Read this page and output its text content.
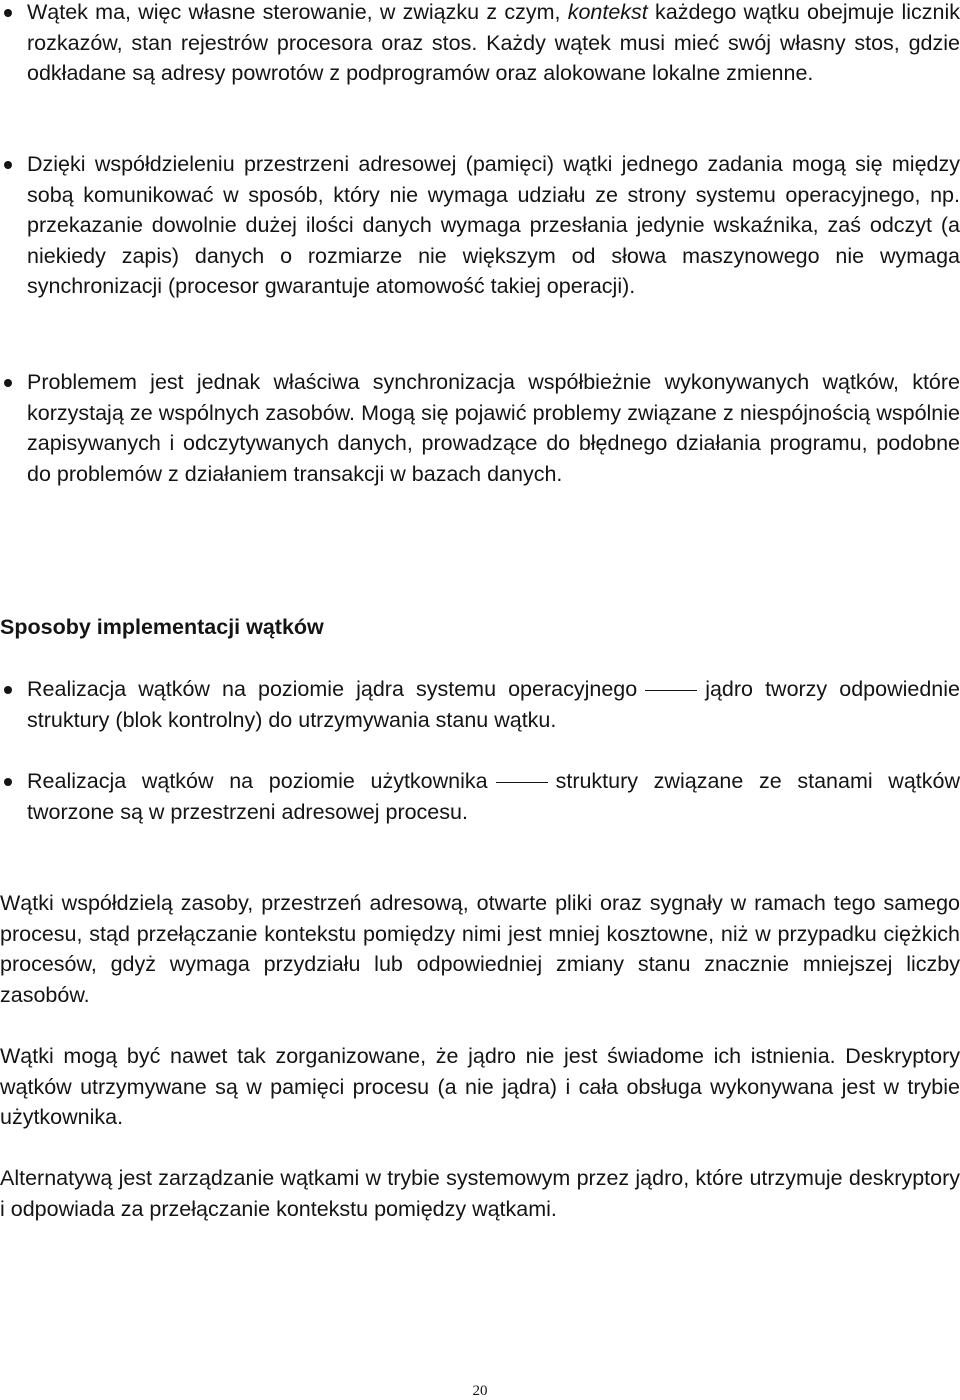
Wątek ma, więc własne sterowanie, w związku z czym, kontekst każdego wątku obejmuje licznik rozkazów, stan rejestrów procesora oraz stos. Każdy wątek musi mieć swój własny stos, gdzie odkładane są adresy powrotów z podprogramów oraz alokowane lokalne zmienne.
Dzięki współdzieleniu przestrzeni adresowej (pamięci) wątki jednego zadania mogą się między sobą komunikować w sposób, który nie wymaga udziału ze strony systemu operacyjnego, np. przekazanie dowolnie dużej ilości danych wymaga przesłania jedynie wskaźnika, zaś odczyt (a niekiedy zapis) danych o rozmiarze nie większym od słowa maszynowego nie wymaga synchronizacji (procesor gwarantuje atomowość takiej operacji).
Problemem jest jednak właściwa synchronizacja współbieżnie wykonywanych wątków, które korzystają ze wspólnych zasobów. Mogą się pojawić problemy związane z niespójnością wspólnie zapisywanych i odczytywanych danych, prowadzące do błędnego działania programu, podobne do problemów z działaniem transakcji w bazach danych.
Sposoby implementacji wątków
Realizacja wątków na poziomie jądra systemu operacyjnego	jądro tworzy odpowiednie struktury (blok kontrolny) do utrzymywania stanu wątku.
Realizacja wątków na poziomie użytkownika	struktury związane ze stanami wątków tworzone są w przestrzeni adresowej procesu.
Wątki współdzielą zasoby, przestrzeń adresową, otwarte pliki oraz sygnały w ramach tego samego procesu, stąd przełączanie kontekstu pomiędzy nimi jest mniej kosztowne, niż w przypadku ciężkich procesów, gdyż wymaga przydziału lub odpowiedniej zmiany stanu znacznie mniejszej liczby zasobów.
Wątki mogą być nawet tak zorganizowane, że jądro nie jest świadome ich istnienia. Deskryptory wątków utrzymywane są w pamięci procesu (a nie jądra) i cała obsługa wykonywana jest w trybie użytkownika.
Alternatywą jest zarządzanie wątkami w trybie systemowym przez jądro, które utrzymuje deskryptory i odpowiada za przełączanie kontekstu pomiędzy wątkami.
20
